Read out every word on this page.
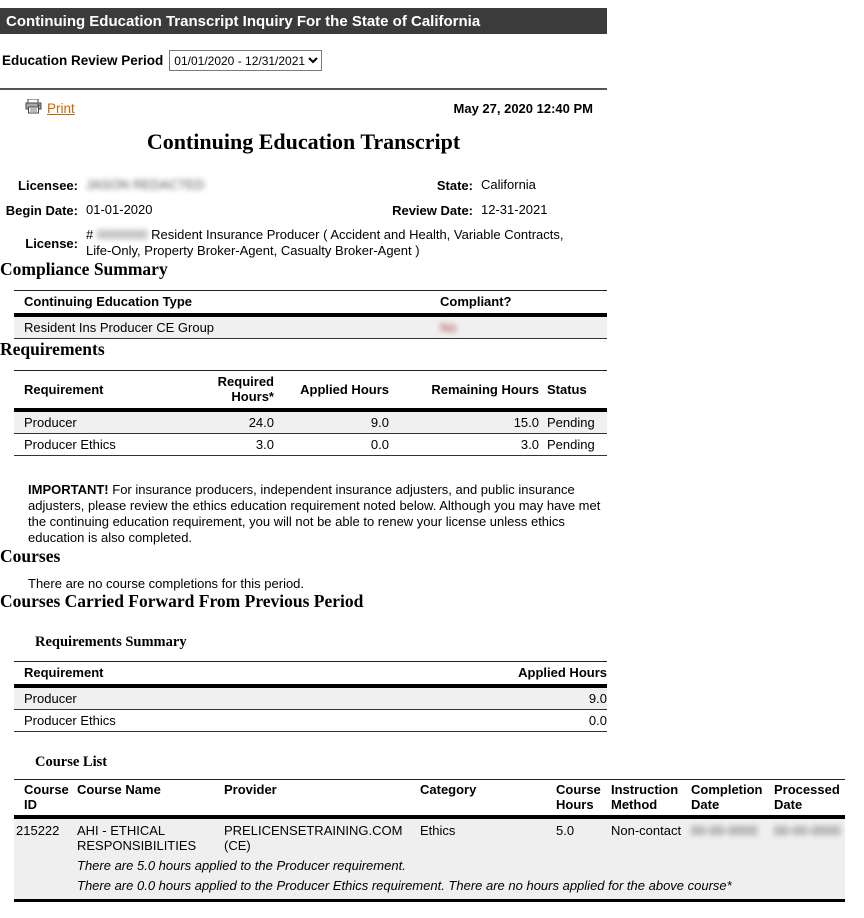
Continuing Education Transcript Inquiry For the State of California
Education Review Period
01/01/2020 - 12/31/2021
Print	May 27, 2020 12:40 PM
Continuing Education Transcript
Licensee: JASON REDACTED	State: California
Begin Date: 01-01-2020	Review Date: 12-31-2021
License:
# 0000000 Resident Insurance Producer ( Accident and Health, Variable Contracts, Life-Only, Property Broker-Agent, Casualty Broker-Agent )
Compliance Summary
Continuing Education Type	Compliant?
Resident Ins Producer CE Group	No
Requirements
Requirement	Required Hours*	Applied Hours	Remaining Hours	Status
Producer	24.0	9.0	15.0	Pending
Producer Ethics	3.0	0.0	3.0	Pending

IMPORTANT! For insurance producers, independent insurance adjusters, and public insurance adjusters, please review the ethics education requirement noted below. Although you may have met the continuing education requirement, you will not be able to renew your license unless ethics education is also completed.

Courses
There are no course completions for this period.
Courses Carried Forward From Previous Period
Requirements Summary
Requirement	Applied Hours
Producer	9.0
Producer Ethics	0.0
Course List
Course ID	Course Name	Provider	Category	Course Hours	Instruction Method	Completion Date	Processed Date
215222	AHI - ETHICAL RESPONSIBILITIES	PRELICENSETRAINING.COM (CE)	Ethics	5.0	Non-contact	00-00-0000	00-00-0000
	There are 5.0 hours applied to the Producer requirement.						
	There are 0.0 hours applied to the Producer Ethics requirement. There are no hours applied for the above course*						
